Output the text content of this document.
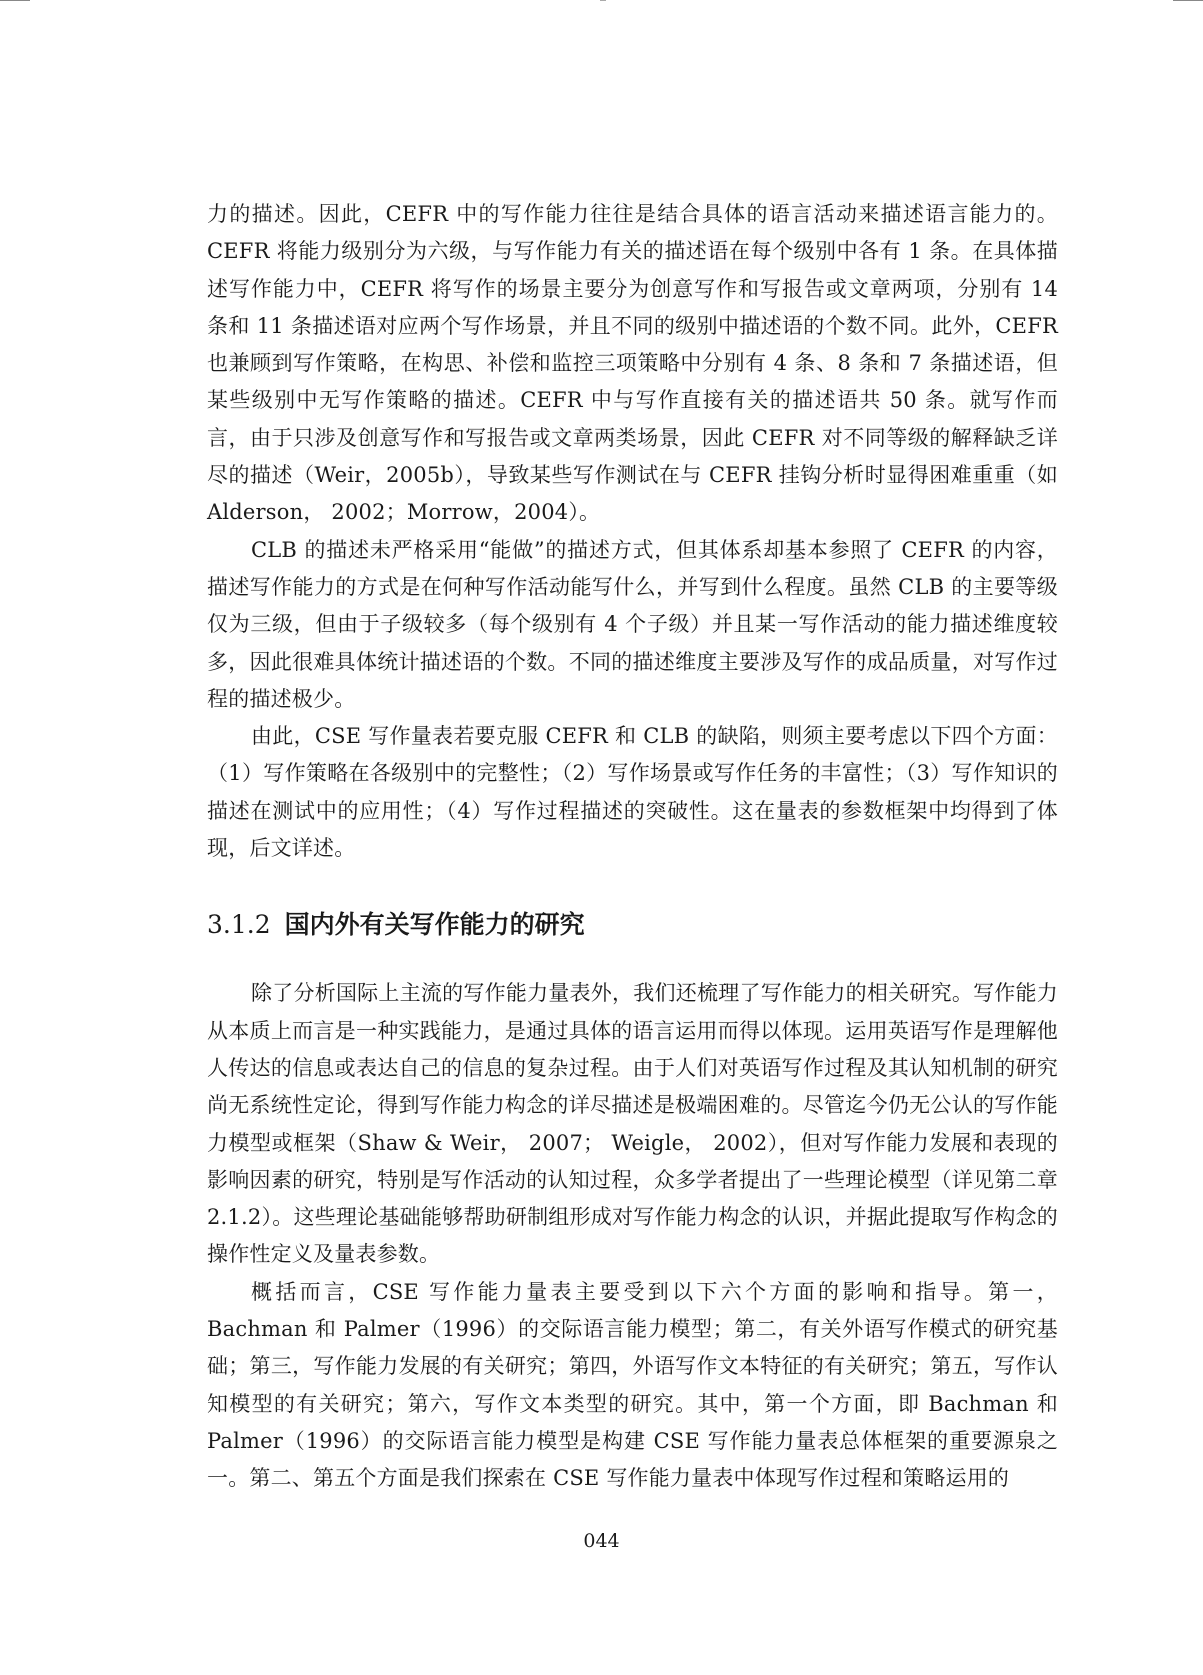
力的描述。因此，CEFR 中的写作能力往往是结合具体的语言活动来描述语言能力的。CEFR 将能力级别分为六级，与写作能力有关的描述语在每个级别中各有 1 条。在具体描述写作能力中，CEFR 将写作的场景主要分为创意写作和写报告或文章两项，分别有 14 条和 11 条描述语对应两个写作场景，并且不同的级别中描述语的个数不同。此外，CEFR 也兼顾到写作策略，在构思、补偿和监控三项策略中分别有 4 条、8 条和 7 条描述语，但某些级别中无写作策略的描述。CEFR 中与写作直接有关的描述语共 50 条。就写作而言，由于只涉及创意写作和写报告或文章两类场景，因此 CEFR 对不同等级的解释缺乏详尽的描述（Weir，2005b），导致某些写作测试在与 CEFR 挂钩分析时显得困难重重（如 Alderson， 2002；Morrow，2004）。

CLB 的描述未严格采用“能做”的描述方式，但其体系却基本参照了 CEFR 的内容，描述写作能力的方式是在何种写作活动能写什么，并写到什么程度。虽然 CLB 的主要等级仅为三级，但由于子级较多（每个级别有 4 个子级）并且某一写作活动的能力描述维度较多，因此很难具体统计描述语的个数。不同的描述维度主要涉及写作的成品质量，对写作过程的描述极少。

由此，CSE 写作量表若要克服 CEFR 和 CLB 的缺陷，则须主要考虑以下四个方面：（1）写作策略在各级别中的完整性；（2）写作场景或写作任务的丰富性；（3）写作知识的描述在测试中的应用性；（4）写作过程描述的突破性。这在量表的参数框架中均得到了体现，后文详述。

3.1.2 国内外有关写作能力的研究

除了分析国际上主流的写作能力量表外，我们还梳理了写作能力的相关研究。写作能力从本质上而言是一种实践能力，是通过具体的语言运用而得以体现。运用英语写作是理解他人传达的信息或表达自己的信息的复杂过程。由于人们对英语写作过程及其认知机制的研究尚无系统性定论，得到写作能力构念的详尽描述是极端困难的。尽管迄今仍无公认的写作能力模型或框架（Shaw & Weir， 2007； Weigle， 2002），但对写作能力发展和表现的影响因素的研究，特别是写作活动的认知过程，众多学者提出了一些理论模型（详见第二章 2.1.2）。这些理论基础能够帮助研制组形成对写作能力构念的认识，并据此提取写作构念的操作性定义及量表参数。

概括而言，CSE 写作能力量表主要受到以下六个方面的影响和指导。第一，Bachman 和 Palmer（1996）的交际语言能力模型；第二，有关外语写作模式的研究基础；第三，写作能力发展的有关研究；第四，外语写作文本特征的有关研究；第五，写作认知模型的有关研究；第六，写作文本类型的研究。其中，第一个方面，即 Bachman 和 Palmer（1996）的交际语言能力模型是构建 CSE 写作能力量表总体框架的重要源泉之一。第二、第五个方面是我们探索在 CSE 写作能力量表中体现写作过程和策略运用的

044
